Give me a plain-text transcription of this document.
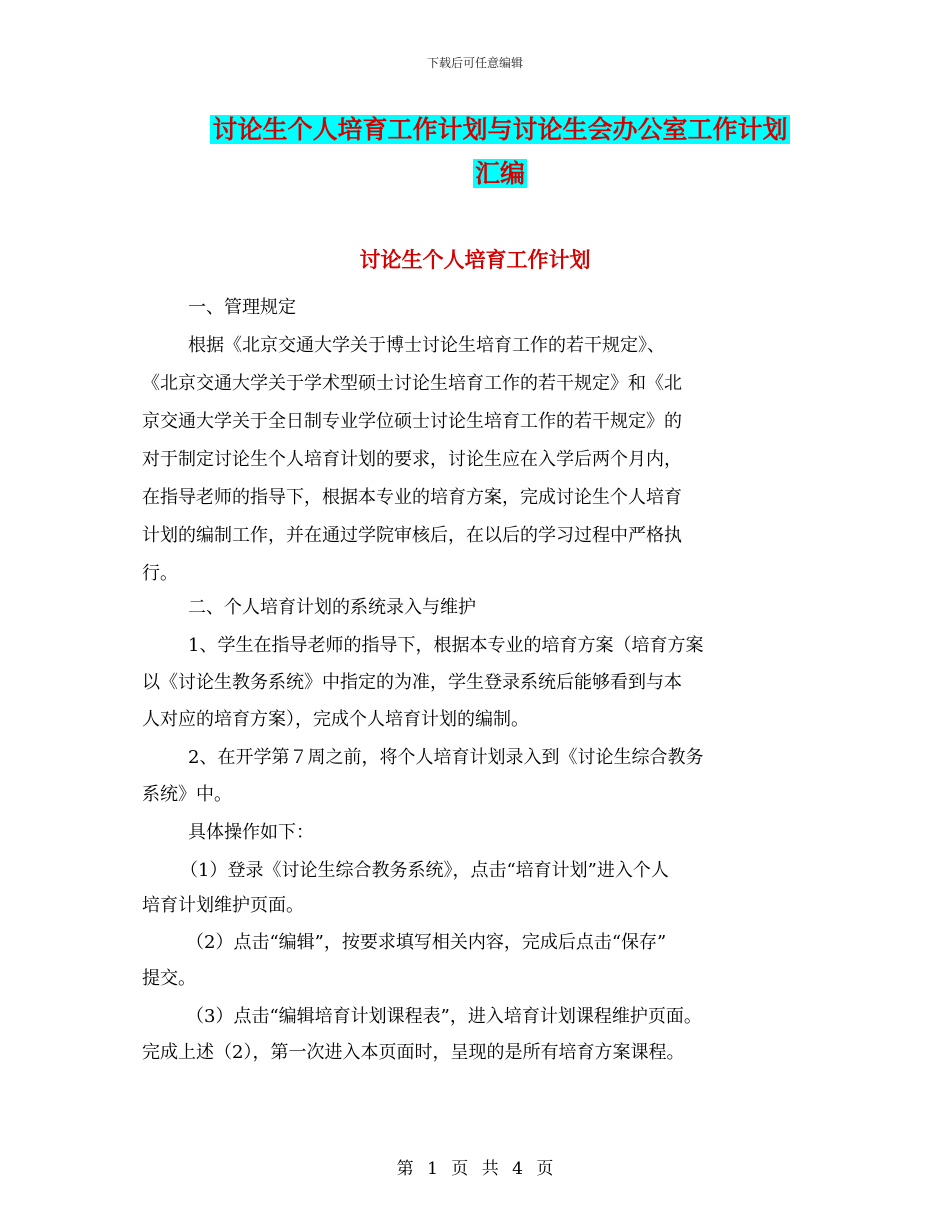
下载后可任意编辑
讨论生个人培育工作计划与讨论生会办公室工作计划
汇编
讨论生个人培育工作计划
一、管理规定
根据《北京交通大学关于博士讨论生培育工作的若干规定》、
《北京交通大学关于学术型硕士讨论生培育工作的若干规定》和《北
京交通大学关于全日制专业学位硕士讨论生培育工作的若干规定》的
对于制定讨论生个人培育计划的要求，讨论生应在入学后两个月内，
在指导老师的指导下，根据本专业的培育方案，完成讨论生个人培育
计划的编制工作，并在通过学院审核后，在以后的学习过程中严格执
行。
二、个人培育计划的系统录入与维护
1、学生在指导老师的指导下，根据本专业的培育方案（培育方案
以《讨论生教务系统》中指定的为准，学生登录系统后能够看到与本
人对应的培育方案），完成个人培育计划的编制。
2、在开学第７周之前，将个人培育计划录入到《讨论生综合教务
系统》中。
具体操作如下：
（1）登录《讨论生综合教务系统》，点击“培育计划”进入个人
培育计划维护页面。
（2）点击“编辑”，按要求填写相关内容，完成后点击“保存”
提交。
（3）点击“编辑培育计划课程表”，进入培育计划课程维护页面。
完成上述（2），第一次进入本页面时，呈现的是所有培育方案课程。
第 1 页 共 4 页
